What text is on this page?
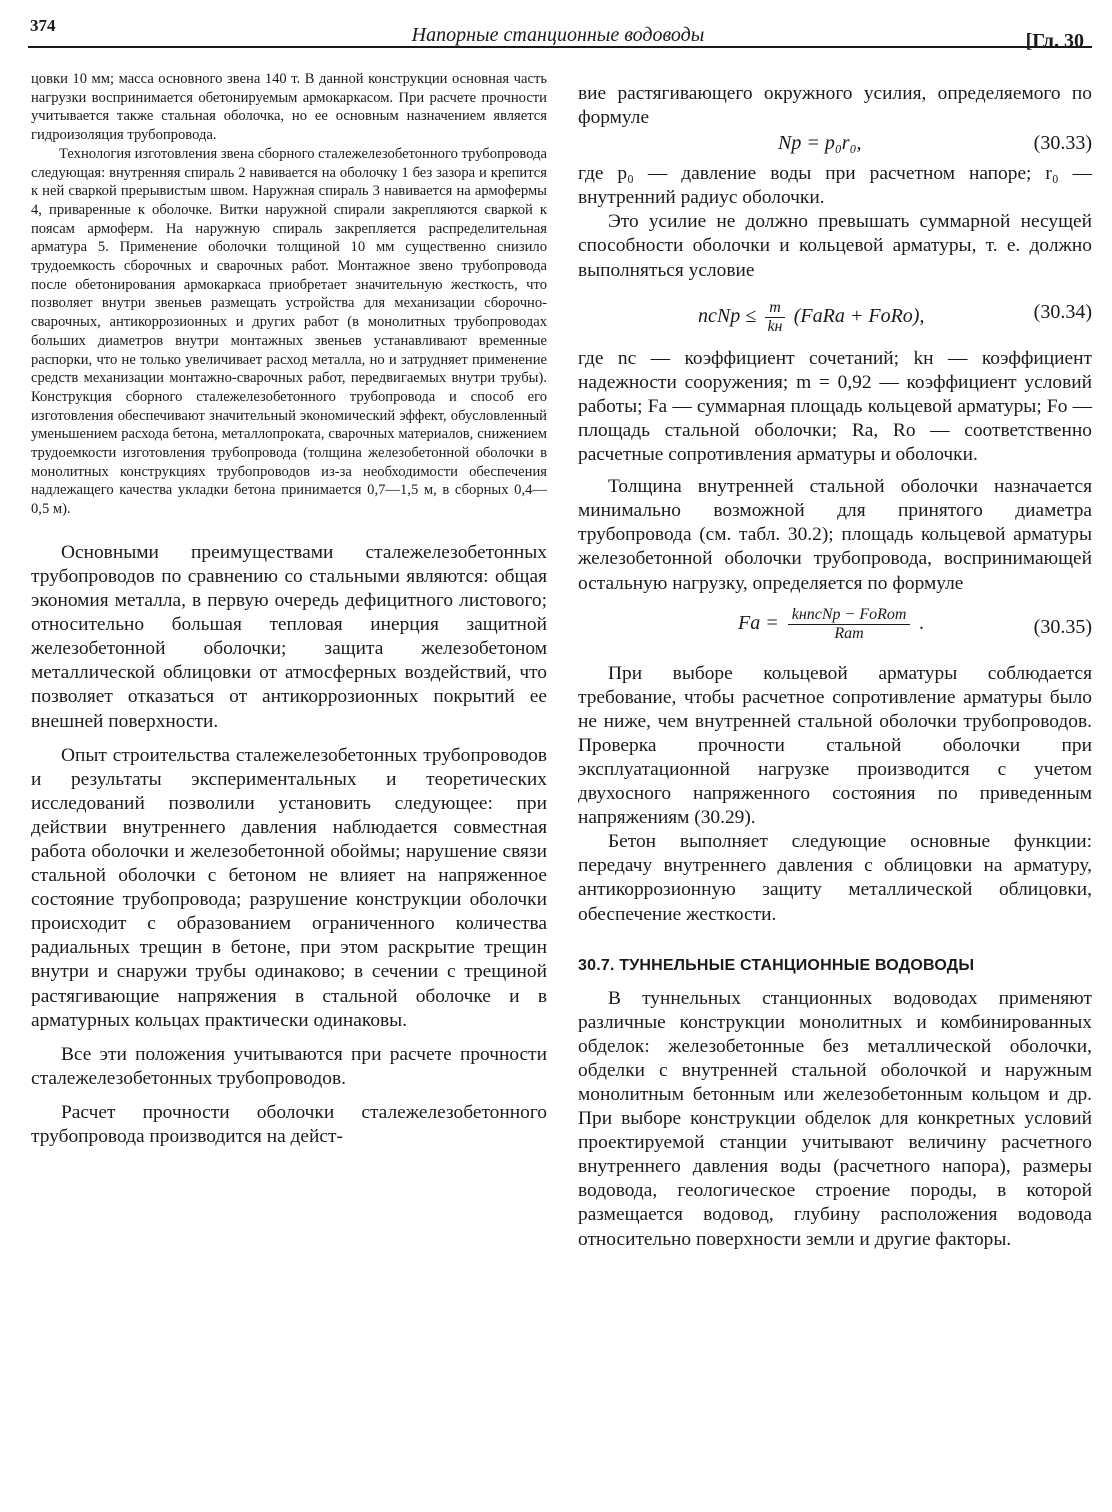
374	Напорные станционные водоводы	[Гл. 30

цовки 10 мм; масса основного звена 140 т. В данной конструкции основная часть нагрузки воспринимается обетонируемым армокаркасом. При расчете прочности учитывается также стальная оболочка, но ее основным назначением является гидроизоляция трубопровода.

Технология изготовления звена сборного сталежелезобетонного трубопровода следующая: внутренняя спираль 2 навивается на оболочку 1 без зазора и крепится к ней сваркой прерывистым швом. Наружная спираль 3 навивается на армофермы 4, приваренные к оболочке. Витки наружной спирали закрепляются сваркой к поясам армоферм. На наружную спираль закрепляется распределительная арматура 5. Применение оболочки толщиной 10 мм существенно снизило трудоемкость сборочных и сварочных работ. Монтажное звено трубопровода после обетонирования армокаркаса приобретает значительную жесткость, что позволяет внутри звеньев размещать устройства для механизации сборочно-сварочных, антикоррозионных и других работ (в монолитных трубопроводах больших диаметров внутри монтажных звеньев устанавливают временные распорки, что не только увеличивает расход металла, но и затрудняет применение средств механизации монтажно-сварочных работ, передвигаемых внутри трубы). Конструкция сборного сталежелезобетонного трубопровода и способ его изготовления обеспечивают значительный экономический эффект, обусловленный уменьшением расхода бетона, металлопроката, сварочных материалов, снижением трудоемкости изготовления трубопровода (толщина железобетонной оболочки в монолитных конструкциях трубопроводов из-за необходимости обеспечения надлежащего качества укладки бетона принимается 0,7—1,5 м, в сборных 0,4—0,5 м).

Основными преимуществами сталежелезобетонных трубопроводов по сравнению со стальными являются: общая экономия металла, в первую очередь дефицитного листового; относительно большая тепловая инерция защитной железобетонной оболочки; защита железобетоном металлической облицовки от атмосферных воздействий, что позволяет отказаться от антикоррозионных покрытий ее внешней поверхности.

Опыт строительства сталежелезобетонных трубопроводов и результаты экспериментальных и теоретических исследований позволили установить следующее: при действии внутреннего давления наблюдается совместная работа оболочки и железобетонной обоймы; нарушение связи стальной оболочки с бетоном не влияет на напряженное состояние трубопровода; разрушение конструкции оболочки происходит с образованием ограниченного количества радиальных трещин в бетоне, при этом раскрытие трещин внутри и снаружи трубы одинаково; в сечении с трещиной растягивающие напряжения в стальной оболочке и в арматурных кольцах практически одинаковы.

Все эти положения учитываются при расчете прочности сталежелезобетонных трубопроводов.

Расчет прочности оболочки сталежелезобетонного трубопровода производится на дейст-

вие растягивающего окружного усилия, определяемого по формуле

Nр = p₀r₀,	(30.33)

где p₀ — давление воды при расчетном напоре; r₀ — внутренний радиус оболочки.

Это усилие не должно превышать суммарной несущей способности оболочки и кольцевой арматуры, т. е. должно выполняться условие

ncNр ≤ $\frac{m}{kн}$ (FаRа + FоRо),	(30.34)

где nc — коэффициент сочетаний; kн — коэффициент надежности сооружения; m = 0,92 — коэффициент условий работы; Fа — суммарная площадь кольцевой арматуры; Fо — площадь стальной оболочки; Rа, Rо — соответственно расчетные сопротивления арматуры и оболочки.

Толщина внутренней стальной оболочки назначается минимально возможной для принятого диаметра трубопровода (см. табл. 30.2); площадь кольцевой арматуры железобетонной оболочки трубопровода, воспринимающей остальную нагрузку, определяется по формуле

Fа = $\frac{\text{kнncNр − FоRоm}}{\text{Rаm}}$ .	(30.35)

При выборе кольцевой арматуры соблюдается требование, чтобы расчетное сопротивление арматуры было не ниже, чем внутренней стальной оболочки трубопроводов. Проверка прочности стальной оболочки при эксплуатационной нагрузке производится с учетом двухосного напряженного состояния по приведенным напряжениям (30.29).

Бетон выполняет следующие основные функции: передачу внутреннего давления с облицовки на арматуру, антикоррозионную защиту металлической облицовки, обеспечение жесткости.

30.7. ТУННЕЛЬНЫЕ СТАНЦИОННЫЕ ВОДОВОДЫ

В туннельных станционных водоводах применяют различные конструкции монолитных и комбинированных обделок: железобетонные без металлической оболочки, обделки с внутренней стальной оболочкой и наружным монолитным бетонным или железобетонным кольцом и др. При выборе конструкции обделок для конкретных условий проектируемой станции учитывают величину расчетного внутреннего давления воды (расчетного напора), размеры водовода, геологическое строение породы, в которой размещается водовод, глубину расположения водовода относительно поверхности земли и другие факторы.
